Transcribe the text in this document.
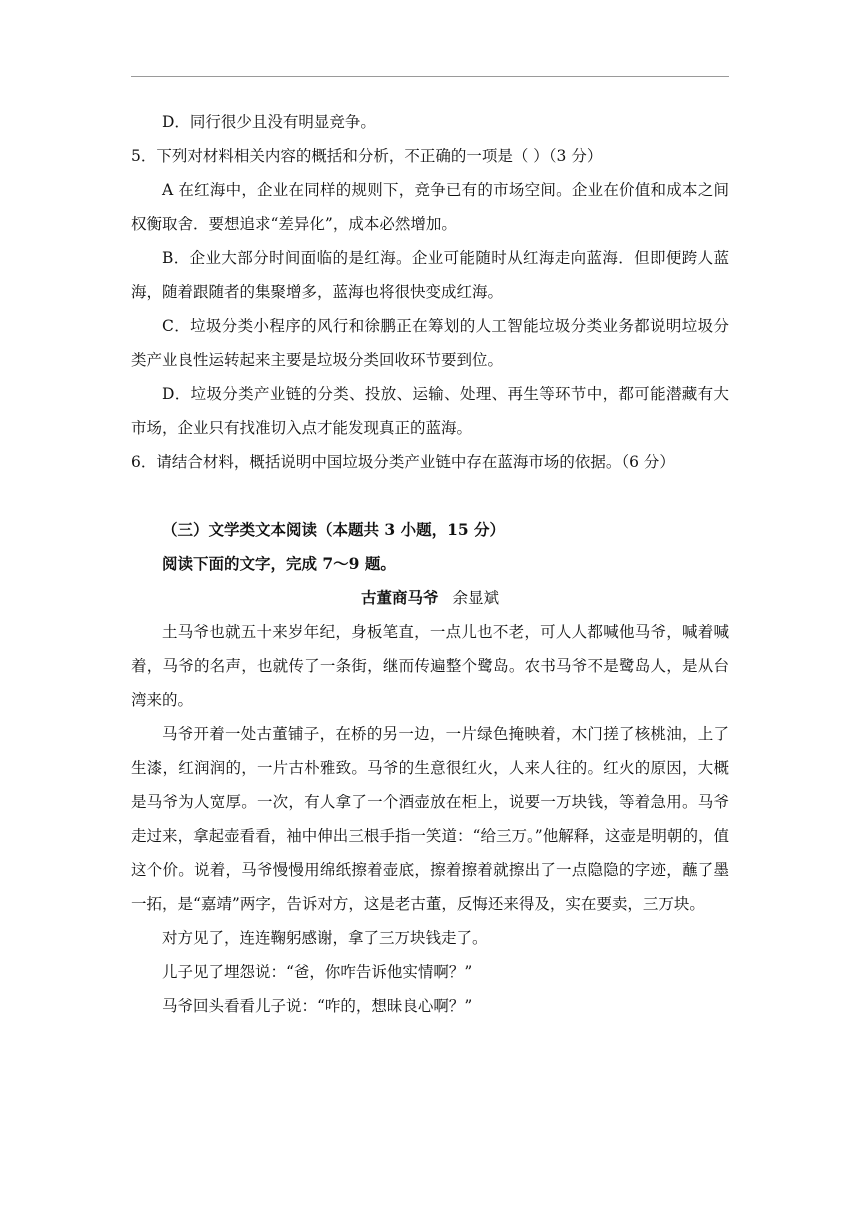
D．同行很少且没有明显竞争。

5．下列对材料相关内容的概括和分析，不正确的一项是（ ）（3 分）

A 在红海中，企业在同样的规则下，竞争已有的市场空间。企业在价值和成本之间权衡取舍．要想追求“差异化”，成本必然增加。

B．企业大部分时间面临的是红海。企业可能随时从红海走向蓝海．但即便跨人蓝海，随着跟随者的集聚增多，蓝海也将很快变成红海。

C．垃圾分类小程序的风行和徐鹏正在筹划的人工智能垃圾分类业务都说明垃圾分类产业良性运转起来主要是垃圾分类回收环节要到位。

D．垃圾分类产业链的分类、投放、运输、处理、再生等环节中，都可能潜藏有大市场，企业只有找准切入点才能发现真正的蓝海。

6．请结合材料，概括说明中国垃圾分类产业链中存在蓝海市场的依据。（6 分）

（三）文学类文本阅读（本题共 3 小题，15 分）

阅读下面的文字，完成 7～9 题。

古董商马爷 余显斌

土马爷也就五十来岁年纪，身板笔直，一点儿也不老，可人人都喊他马爷，喊着喊着，马爷的名声，也就传了一条街，继而传遍整个鹭岛。农书马爷不是鹭岛人，是从台湾来的。

马爷开着一处古董铺子，在桥的另一边，一片绿色掩映着，木门搓了核桃油，上了生漆，红润润的，一片古朴雅致。马爷的生意很红火，人来人往的。红火的原因，大概是马爷为人宽厚。一次，有人拿了一个酒壶放在柜上，说要一万块钱，等着急用。马爷走过来，拿起壶看看，袖中伸出三根手指一笑道：“给三万。”他解释，这壶是明朝的，值这个价。说着，马爷慢慢用绵纸擦着壶底，擦着擦着就擦出了一点隐隐的字迹，蘸了墨一拓，是“嘉靖”两字，告诉对方，这是老古董，反悔还来得及，实在要卖，三万块。

对方见了，连连鞠躬感谢，拿了三万块钱走了。

儿子见了埋怨说：“爸，你咋告诉他实情啊？”

马爷回头看看儿子说：“咋的，想昧良心啊？”
